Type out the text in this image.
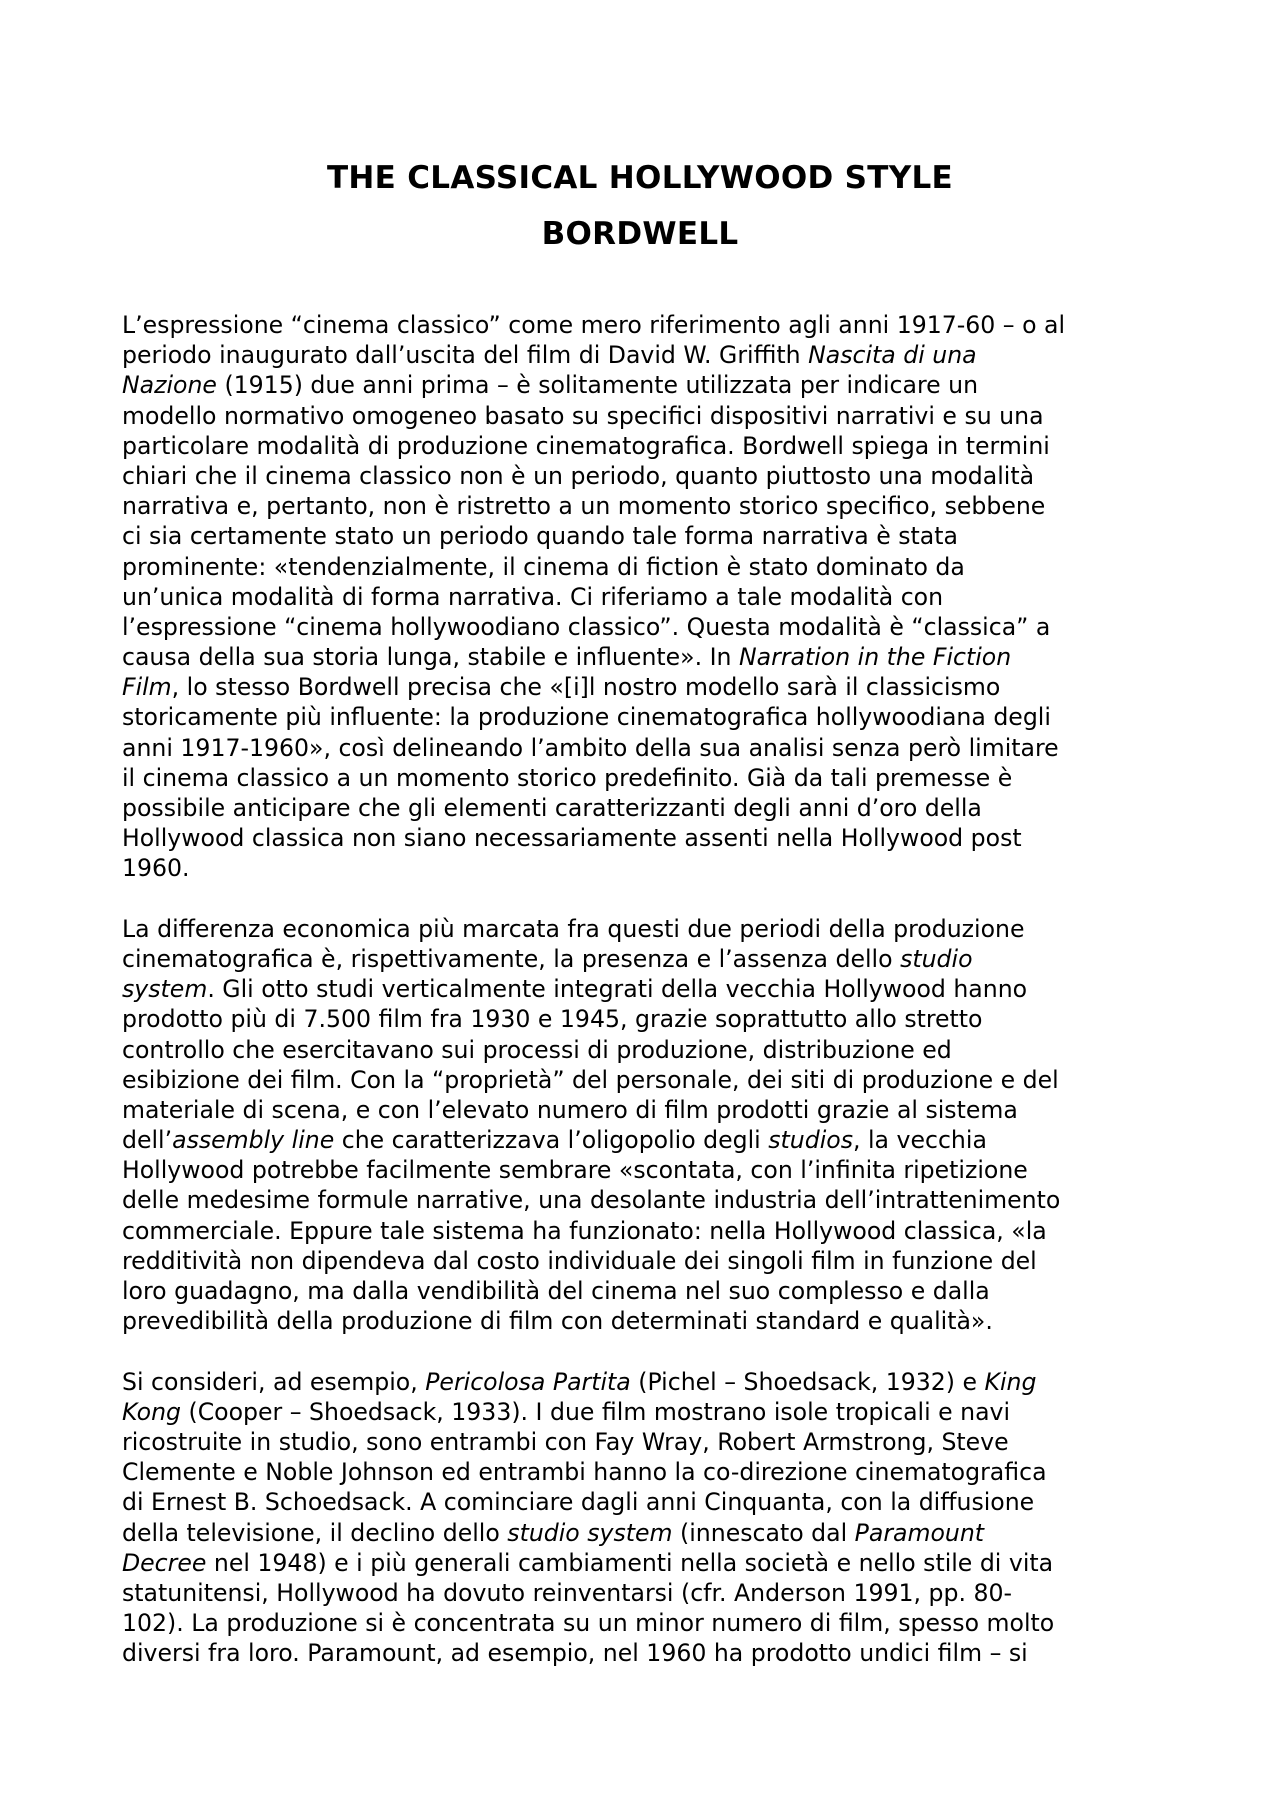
THE CLASSICAL HOLLYWOOD STYLE
BORDWELL

L’espressione “cinema classico” come mero riferimento agli anni 1917-60 – o al
periodo inaugurato dall’uscita del film di David W. Griffith Nascita di una
Nazione (1915) due anni prima – è solitamente utilizzata per indicare un
modello normativo omogeneo basato su specifici dispositivi narrativi e su una
particolare modalità di produzione cinematografica. Bordwell spiega in termini
chiari che il cinema classico non è un periodo, quanto piuttosto una modalità
narrativa e, pertanto, non è ristretto a un momento storico specifico, sebbene
ci sia certamente stato un periodo quando tale forma narrativa è stata
prominente: «tendenzialmente, il cinema di fiction è stato dominato da
un’unica modalità di forma narrativa. Ci riferiamo a tale modalità con
l’espressione “cinema hollywoodiano classico”. Questa modalità è “classica” a
causa della sua storia lunga, stabile e influente». In Narration in the Fiction
Film, lo stesso Bordwell precisa che «[i]l nostro modello sarà il classicismo
storicamente più influente: la produzione cinematografica hollywoodiana degli
anni 1917-1960», così delineando l’ambito della sua analisi senza però limitare
il cinema classico a un momento storico predefinito. Già da tali premesse è
possibile anticipare che gli elementi caratterizzanti degli anni d’oro della
Hollywood classica non siano necessariamente assenti nella Hollywood post
1960.

La differenza economica più marcata fra questi due periodi della produzione
cinematografica è, rispettivamente, la presenza e l’assenza dello studio
system. Gli otto studi verticalmente integrati della vecchia Hollywood hanno
prodotto più di 7.500 film fra 1930 e 1945, grazie soprattutto allo stretto
controllo che esercitavano sui processi di produzione, distribuzione ed
esibizione dei film. Con la “proprietà” del personale, dei siti di produzione e del
materiale di scena, e con l’elevato numero di film prodotti grazie al sistema
dell’assembly line che caratterizzava l’oligopolio degli studios, la vecchia
Hollywood potrebbe facilmente sembrare «scontata, con l’infinita ripetizione
delle medesime formule narrative, una desolante industria dell’intrattenimento
commerciale. Eppure tale sistema ha funzionato: nella Hollywood classica, «la
redditività non dipendeva dal costo individuale dei singoli film in funzione del
loro guadagno, ma dalla vendibilità del cinema nel suo complesso e dalla
prevedibilità della produzione di film con determinati standard e qualità».

Si consideri, ad esempio, Pericolosa Partita (Pichel – Shoedsack, 1932) e King
Kong (Cooper – Shoedsack, 1933). I due film mostrano isole tropicali e navi
ricostruite in studio, sono entrambi con Fay Wray, Robert Armstrong, Steve
Clemente e Noble Johnson ed entrambi hanno la co-direzione cinematografica
di Ernest B. Schoedsack. A cominciare dagli anni Cinquanta, con la diffusione
della televisione, il declino dello studio system (innescato dal Paramount
Decree nel 1948) e i più generali cambiamenti nella società e nello stile di vita
statunitensi, Hollywood ha dovuto reinventarsi (cfr. Anderson 1991, pp. 80-
102). La produzione si è concentrata su un minor numero di film, spesso molto
diversi fra loro. Paramount, ad esempio, nel 1960 ha prodotto undici film – si
